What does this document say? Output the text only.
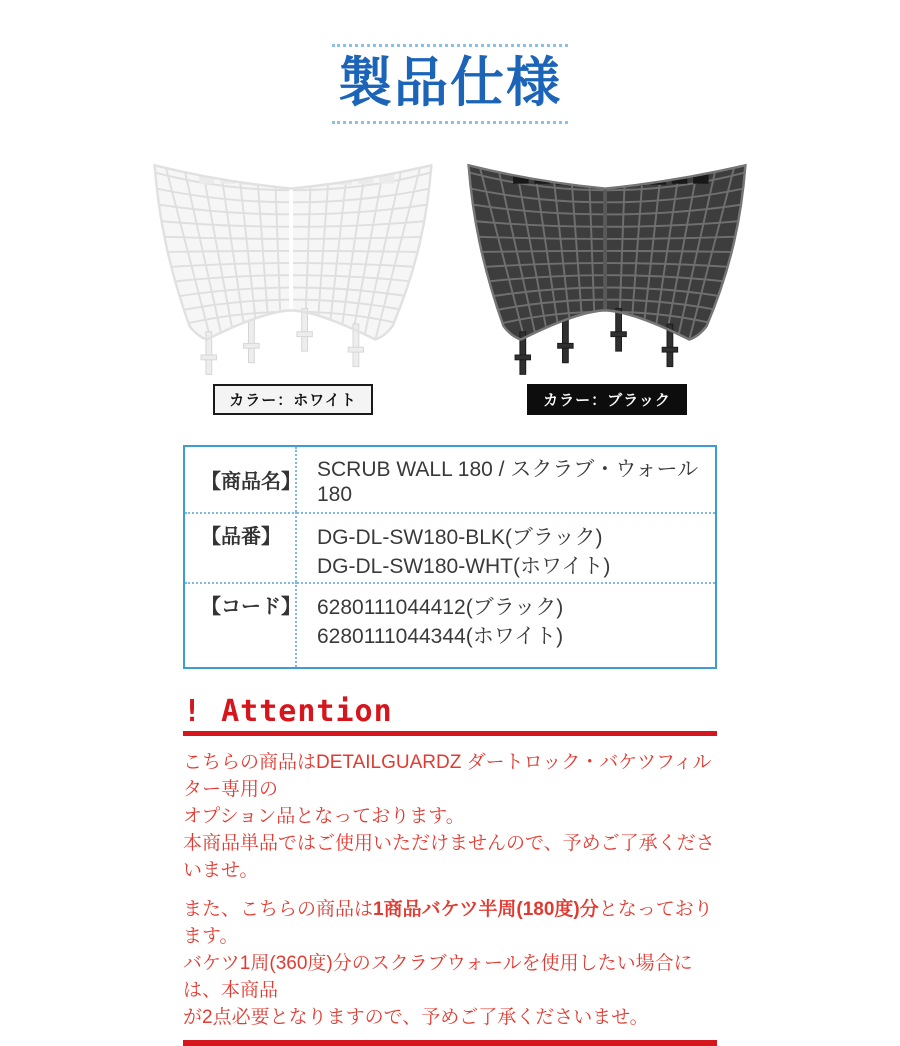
製品仕様
カラー：ホワイト	カラー：ブラック
【商品名】
SCRUB WALL 180 / スクラブ・ウォール180
【品番】	DG-DL-SW180-BLK(ブラック)
DG-DL-SW180-WHT(ホワイト)
【コード】 6280111044412(ブラック)
6280111044344(ホワイト)
! Attention
こちらの商品はDETAILGUARDZ ダートロック・バケツフィルター専用の
オプション品となっております。
本商品単品ではご使用いただけませんので、予めご了承くださいませ。
また、こちらの商品は1商品バケツ半周(180度)分となっております。
バケツ1周(360度)分のスクラブウォールを使用したい場合には、本商品
が2点必要となりますので、予めご了承くださいませ。
